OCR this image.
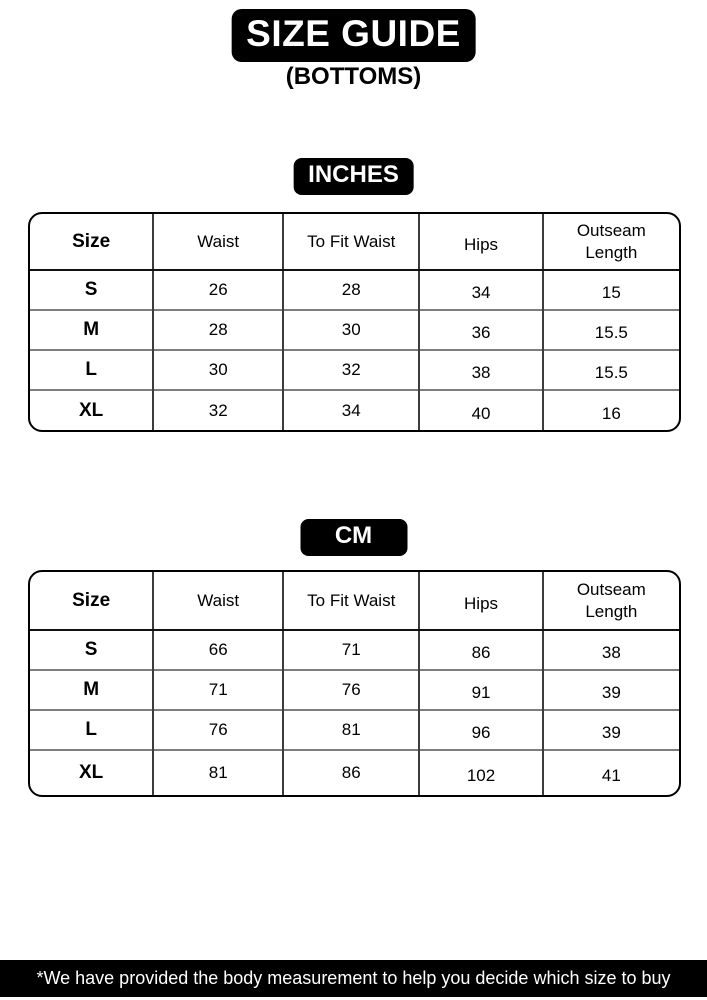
SIZE GUIDE
(BOTTOMS)
INCHES
Size	Waist	To Fit Waist	Hips	Outseam Length
S	26	28	34	15
M	28	30	36	15.5
L	30	32	38	15.5
XL	32	34	40	16
CM
Size	Waist	To Fit Waist	Hips	Outseam Length
S	66	71	86	38
M	71	76	91	39
L	76	81	96	39
XL	81	86	102	41
*We have provided the body measurement to help you decide which size to buy
